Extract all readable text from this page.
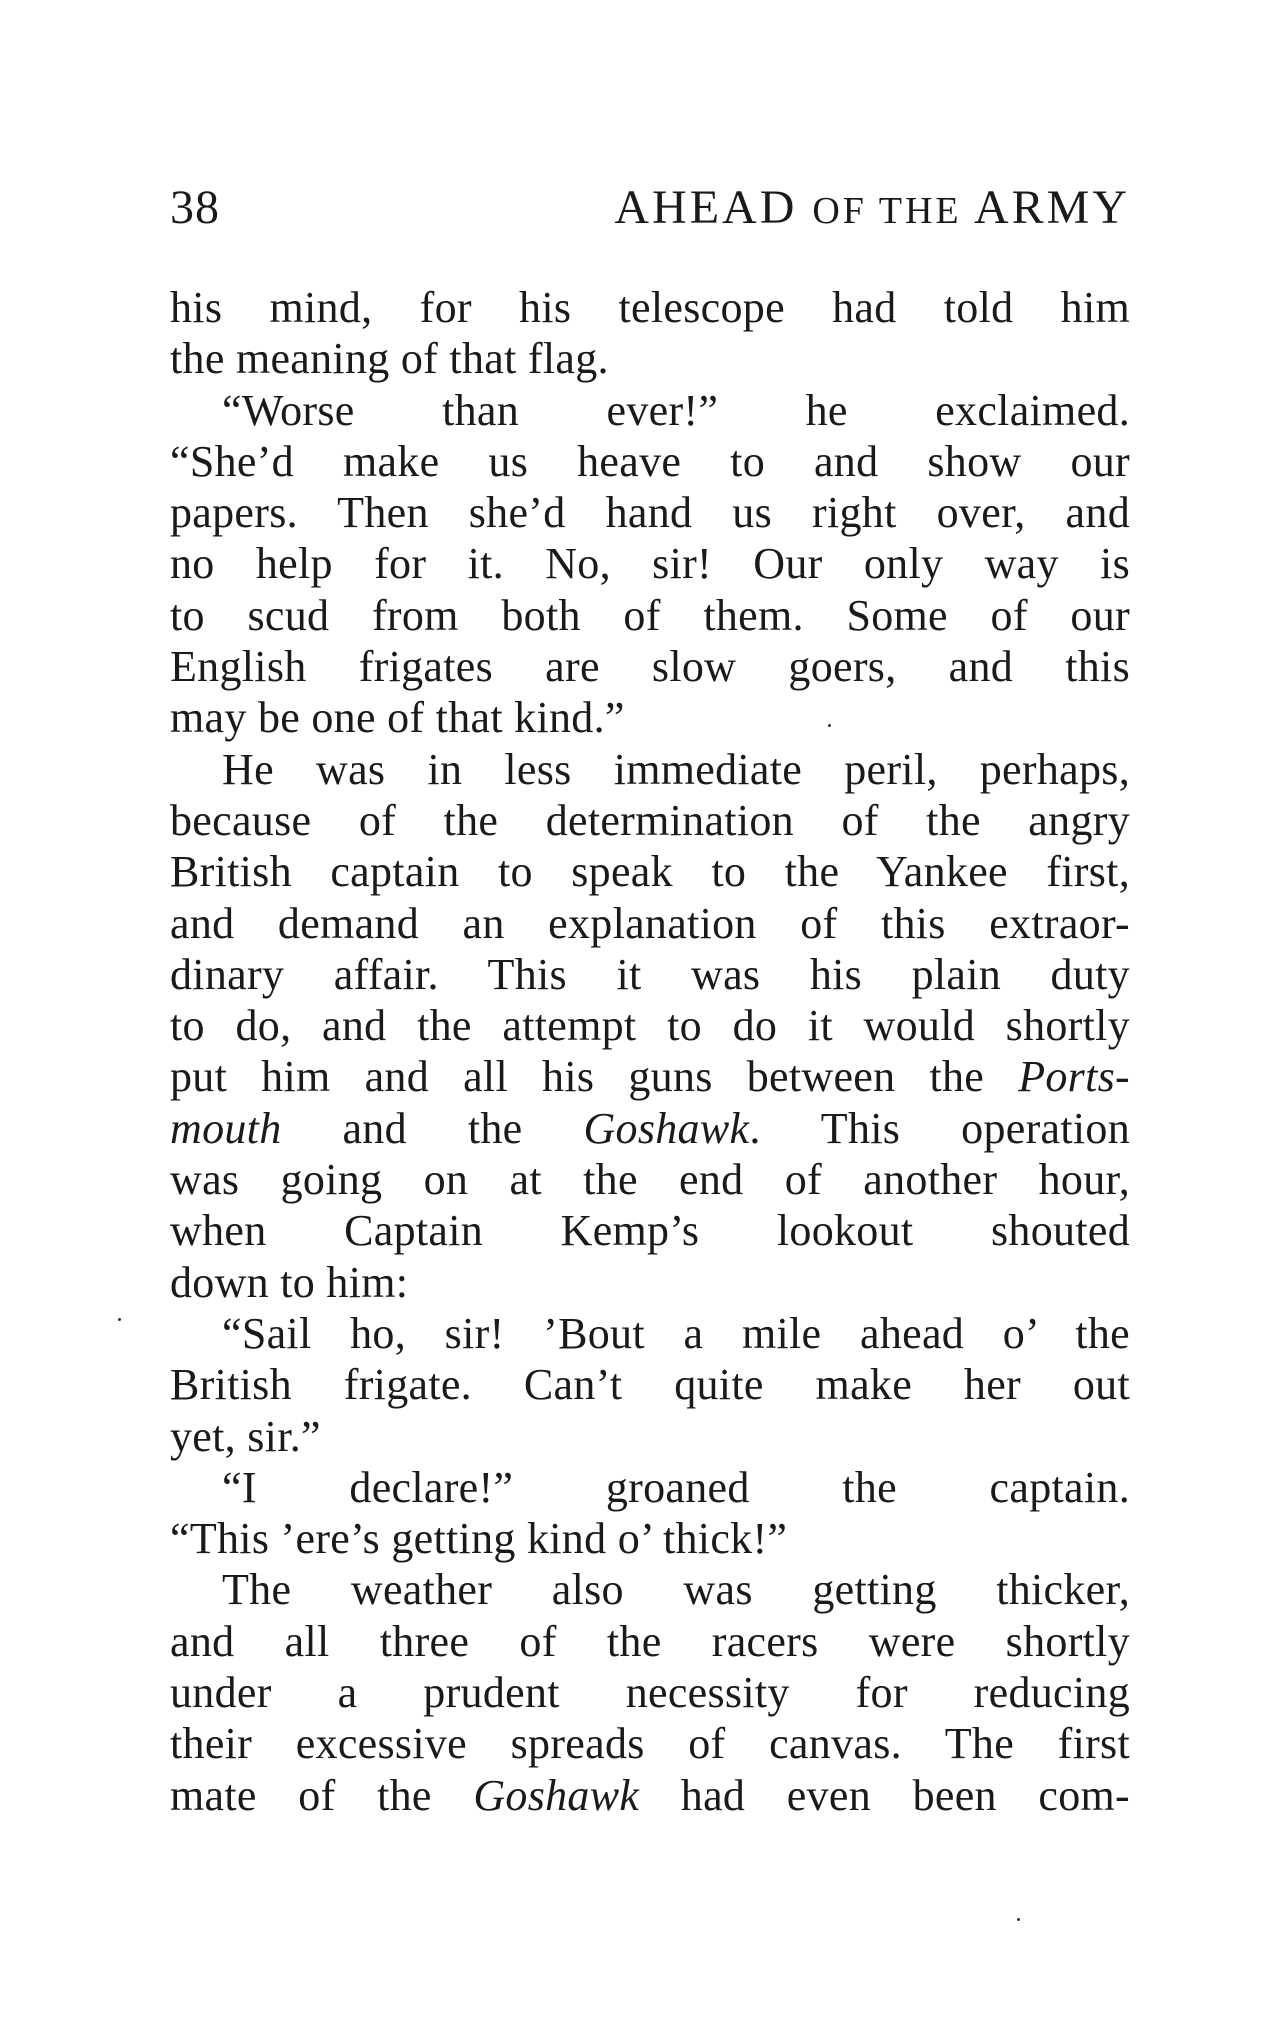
38	AHEAD OF THE ARMY
his mind, for his telescope had told him
the meaning of that flag.
“Worse than ever!” he exclaimed.
“She’d make us heave to and show our
papers. Then she’d hand us right over, and
no help for it. No, sir! Our only way is
to scud from both of them. Some of our
English frigates are slow goers, and this
may be one of that kind.”
He was in less immediate peril, perhaps,
because of the determination of the angry
British captain to speak to the Yankee first,
and demand an explanation of this extraor-
dinary affair. This it was his plain duty
to do, and the attempt to do it would shortly
put him and all his guns between the Ports-
mouth and the Goshawk. This operation
was going on at the end of another hour,
when Captain Kemp’s lookout shouted
down to him:
“Sail ho, sir! ’Bout a mile ahead o’ the
British frigate. Can’t quite make her out
yet, sir.”
“I declare!” groaned the captain.
“This ’ere’s getting kind o’ thick!”
The weather also was getting thicker,
and all three of the racers were shortly
under a prudent necessity for reducing
their excessive spreads of canvas. The first
mate of the Goshawk had even been com-
